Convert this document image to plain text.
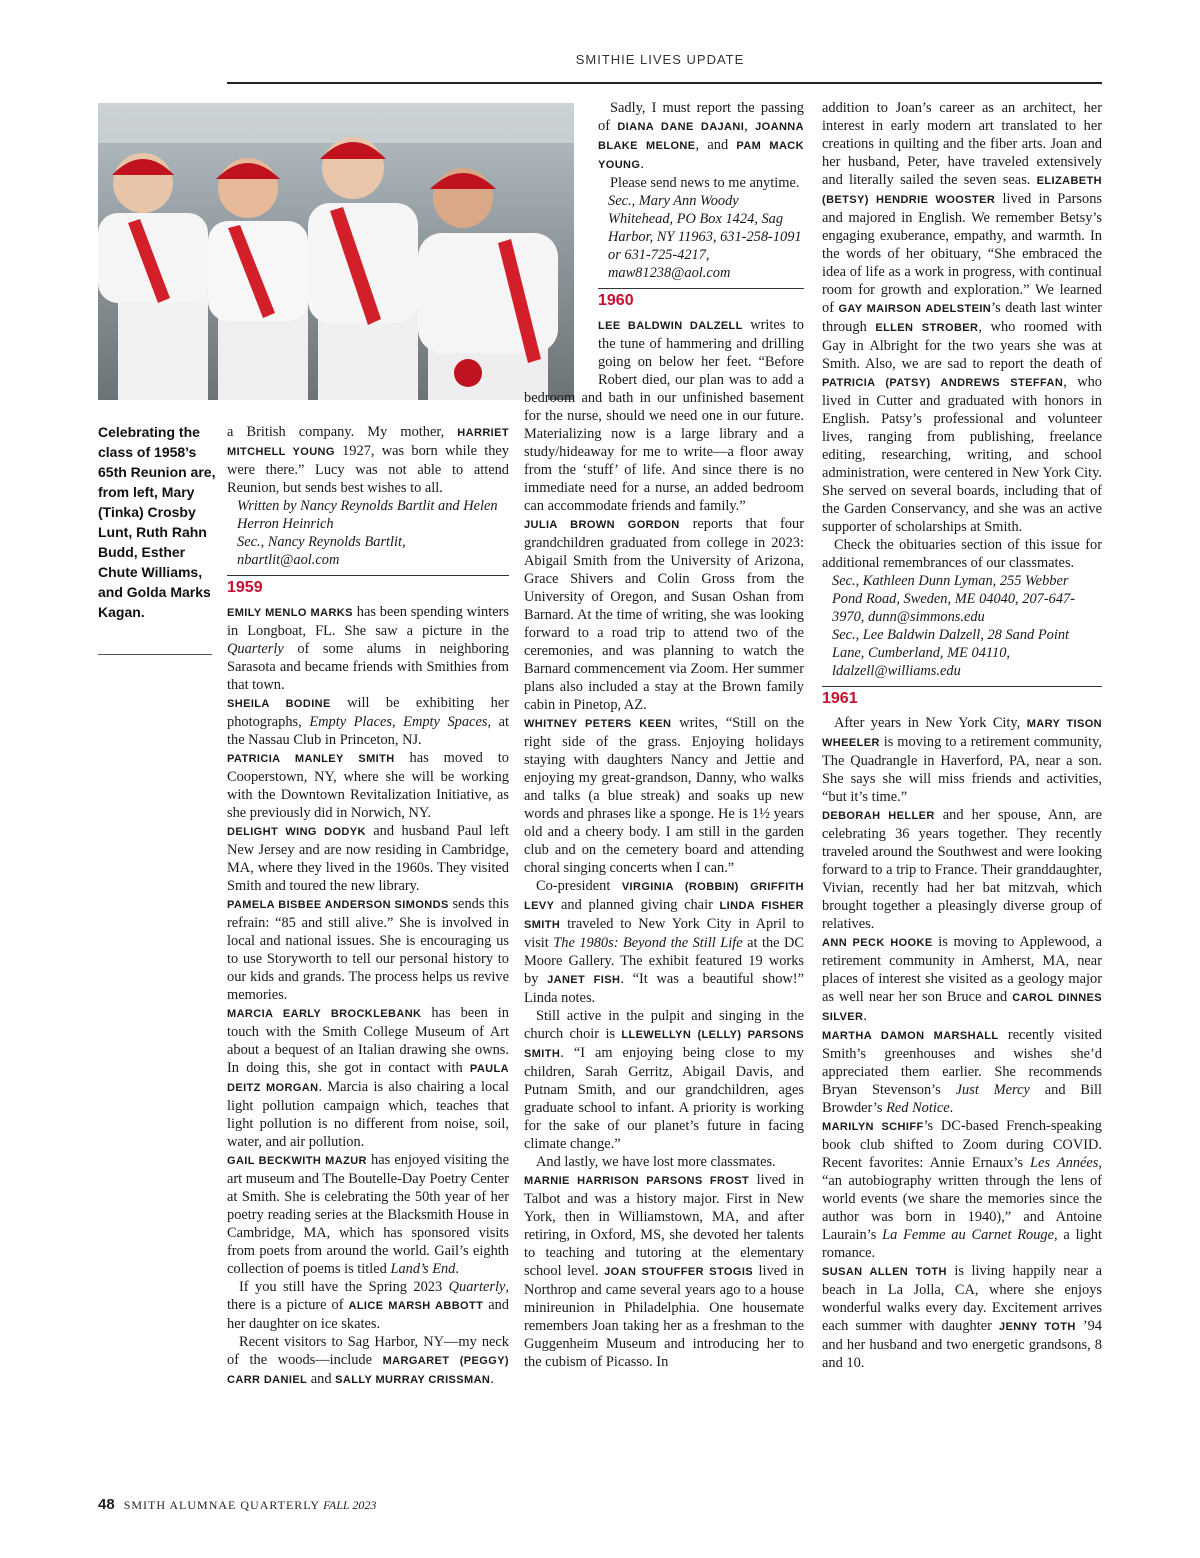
SMITHIE LIVES UPDATE
Celebrating the class of 1958’s 65th Reunion are, from left, Mary (Tinka) Crosby Lunt, Ruth Rahn Budd, Esther Chute Williams, and Golda Marks Kagan.

a British company. My mother, HARRIET MITCHELL YOUNG 1927, was born while they were there.” Lucy was not able to attend Reunion, but sends best wishes to all.

Written by Nancy Reynolds Bartlit and Helen Herron Heinrich

Sec., Nancy Reynolds Bartlit, nbartlit@aol.com

1959

EMILY MENLO MARKS has been spending winters in Longboat, FL. She saw a picture in the Quarterly of some alums in neighboring Sarasota and became friends with Smithies from that town.

SHEILA BODINE will be exhibiting her photographs, Empty Places, Empty Spaces, at the Nassau Club in Princeton, NJ.

PATRICIA MANLEY SMITH has moved to Cooperstown, NY, where she will be working with the Downtown Revitalization Initiative, as she previously did in Norwich, NY.

DELIGHT WING DODYK and husband Paul left New Jersey and are now residing in Cambridge, MA, where they lived in the 1960s. They visited Smith and toured the new library.

PAMELA BISBEE ANDERSON SIMONDS sends this refrain: “85 and still alive.” She is involved in local and national issues. She is encouraging us to use Storyworth to tell our personal history to our kids and grands. The process helps us revive memories.

MARCIA EARLY BROCKLEBANK has been in touch with the Smith College Museum of Art about a bequest of an Italian drawing she owns. In doing this, she got in contact with PAULA DEITZ MORGAN. Marcia is also chairing a local light pollution campaign which, teaches that light pollution is no different from noise, soil, water, and air pollution.

GAIL BECKWITH MAZUR has enjoyed visiting the art museum and The Boutelle-Day Poetry Center at Smith. She is celebrating the 50th year of her poetry reading series at the Blacksmith House in Cambridge, MA, which has sponsored visits from poets from around the world. Gail’s eighth collection of poems is titled Land’s End.

If you still have the Spring 2023 Quarterly, there is a picture of ALICE MARSH ABBOTT and her daughter on ice skates.

Recent visitors to Sag Harbor, NY—my neck of the woods—include MARGARET (PEGGY) CARR DANIEL and SALLY MURRAY CRISSMAN.

Sadly, I must report the passing of DIANA DANE DAJANI, JOANNA BLAKE MELONE, and PAM MACK YOUNG.

Please send news to me anytime.

Sec., Mary Ann Woody Whitehead, PO Box 1424, Sag Harbor, NY 11963, 631-258-1091 or 631-725-4217, maw81238@aol.com

1960

LEE BALDWIN DALZELL writes to the tune of hammering and drilling going on below her feet. “Before Robert died, our plan was to add a bedroom and bath in our unfinished basement for the nurse, should we need one in our future. Materializing now is a large library and a study/hideaway for me to write—a floor away from the ‘stuff’ of life. And since there is no immediate need for a nurse, an added bedroom can accommodate friends and family.”

JULIA BROWN GORDON reports that four grandchildren graduated from college in 2023: Abigail Smith from the University of Arizona, Grace Shivers and Colin Gross from the University of Oregon, and Susan Oshan from Barnard. At the time of writing, she was looking forward to a road trip to attend two of the ceremonies, and was planning to watch the Barnard commencement via Zoom. Her summer plans also included a stay at the Brown family cabin in Pinetop, AZ.

WHITNEY PETERS KEEN writes, “Still on the right side of the grass. Enjoying holidays staying with daughters Nancy and Jettie and enjoying my great-grandson, Danny, who walks and talks (a blue streak) and soaks up new words and phrases like a sponge. He is 1½ years old and a cheery body. I am still in the garden club and on the cemetery board and attending choral singing concerts when I can.”

Co-president VIRGINIA (ROBBIN) GRIFFITH LEVY and planned giving chair LINDA FISHER SMITH traveled to New York City in April to visit The 1980s: Beyond the Still Life at the DC Moore Gallery. The exhibit featured 19 works by JANET FISH. “It was a beautiful show!” Linda notes.

Still active in the pulpit and singing in the church choir is LLEWELLYN (LELLY) PARSONS SMITH. “I am enjoying being close to my children, Sarah Gerritz, Abigail Davis, and Putnam Smith, and our grandchildren, ages graduate school to infant. A priority is working for the sake of our planet’s future in facing climate change.”

And lastly, we have lost more classmates.

MARNIE HARRISON PARSONS FROST lived in Talbot and was a history major. First in New York, then in Williamstown, MA, and after retiring, in Oxford, MS, she devoted her talents to teaching and tutoring at the elementary school level. JOAN STOUFFER STOGIS lived in Northrop and came several years ago to a house minireunion in Philadelphia. One housemate remembers Joan taking her as a freshman to the Guggenheim Museum and introducing her to the cubism of Picasso. In

addition to Joan’s career as an architect, her interest in early modern art translated to her creations in quilting and the fiber arts. Joan and her husband, Peter, have traveled extensively and literally sailed the seven seas. ELIZABETH (BETSY) HENDRIE WOOSTER lived in Parsons and majored in English. We remember Betsy’s engaging exuberance, empathy, and warmth. In the words of her obituary, “She embraced the idea of life as a work in progress, with continual room for growth and exploration.” We learned of GAY MAIRSON ADELSTEIN’s death last winter through ELLEN STROBER, who roomed with Gay in Albright for the two years she was at Smith. Also, we are sad to report the death of PATRICIA (PATSY) ANDREWS STEFFAN, who lived in Cutter and graduated with honors in English. Patsy’s professional and volunteer lives, ranging from publishing, freelance editing, researching, writing, and school administration, were centered in New York City. She served on several boards, including that of the Garden Conservancy, and she was an active supporter of scholarships at Smith.

Check the obituaries section of this issue for additional remembrances of our classmates.

Sec., Kathleen Dunn Lyman, 255 Webber Pond Road, Sweden, ME 04040, 207-647-3970, dunn@simmons.edu

Sec., Lee Baldwin Dalzell, 28 Sand Point Lane, Cumberland, ME 04110, ldalzell@williams.edu

1961

After years in New York City, MARY TISON WHEELER is moving to a retirement community, The Quadrangle in Haverford, PA, near a son. She says she will miss friends and activities, “but it’s time.”

DEBORAH HELLER and her spouse, Ann, are celebrating 36 years together. They recently traveled around the Southwest and were looking forward to a trip to France. Their granddaughter, Vivian, recently had her bat mitzvah, which brought together a pleasingly diverse group of relatives.

ANN PECK HOOKE is moving to Applewood, a retirement community in Amherst, MA, near places of interest she visited as a geology major as well near her son Bruce and CAROL DINNES SILVER.

MARTHA DAMON MARSHALL recently visited Smith’s greenhouses and wishes she’d appreciated them earlier. She recommends Bryan Stevenson’s Just Mercy and Bill Browder’s Red Notice.

MARILYN SCHIFF’s DC-based French-speaking book club shifted to Zoom during COVID. Recent favorites: Annie Ernaux’s Les Années, “an autobiography written through the lens of world events (we share the memories since the author was born in 1940),” and Antoine Laurain’s La Femme au Carnet Rouge, a light romance.

SUSAN ALLEN TOTH is living happily near a beach in La Jolla, CA, where she enjoys wonderful walks every day. Excitement arrives each summer with daughter JENNY TOTH ’94 and her husband and two energetic grandsons, 8 and 10.

48 SMITH ALUMNAE QUARTERLY FALL 2023
